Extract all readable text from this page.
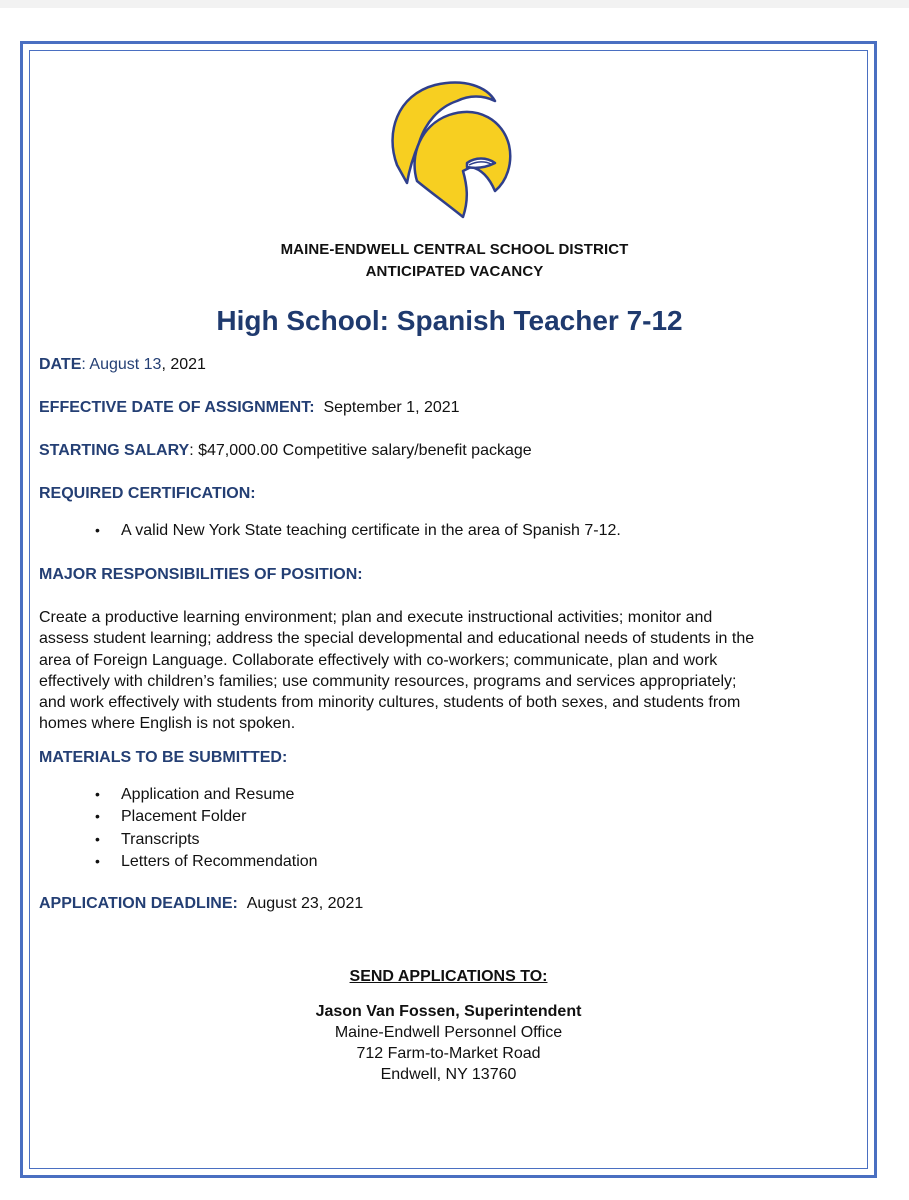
MAINE-ENDWELL CENTRAL SCHOOL DISTRICT
ANTICIPATED VACANCY
High School: Spanish Teacher 7-12
DATE: August 13, 2021
EFFECTIVE DATE OF ASSIGNMENT: September 1, 2021
STARTING SALARY: $47,000.00 Competitive salary/benefit package
REQUIRED CERTIFICATION:
•	A valid New York State teaching certificate in the area of Spanish 7-12.
MAJOR RESPONSIBILITIES OF POSITION:
Create a productive learning environment; plan and execute instructional activities; monitor and
assess student learning; address the special developmental and educational needs of students in the
area of Foreign Language. Collaborate effectively with co-workers; communicate, plan and work
effectively with children’s families; use community resources, programs and services appropriately;
and work effectively with students from minority cultures, students of both sexes, and students from
homes where English is not spoken.
MATERIALS TO BE SUBMITTED:
•	Application and Resume
•	Placement Folder
•	Transcripts
•	Letters of Recommendation
APPLICATION DEADLINE: August 23, 2021
SEND APPLICATIONS TO:
Jason Van Fossen, Superintendent
Maine-Endwell Personnel Office
712 Farm-to-Market Road
Endwell, NY 13760
